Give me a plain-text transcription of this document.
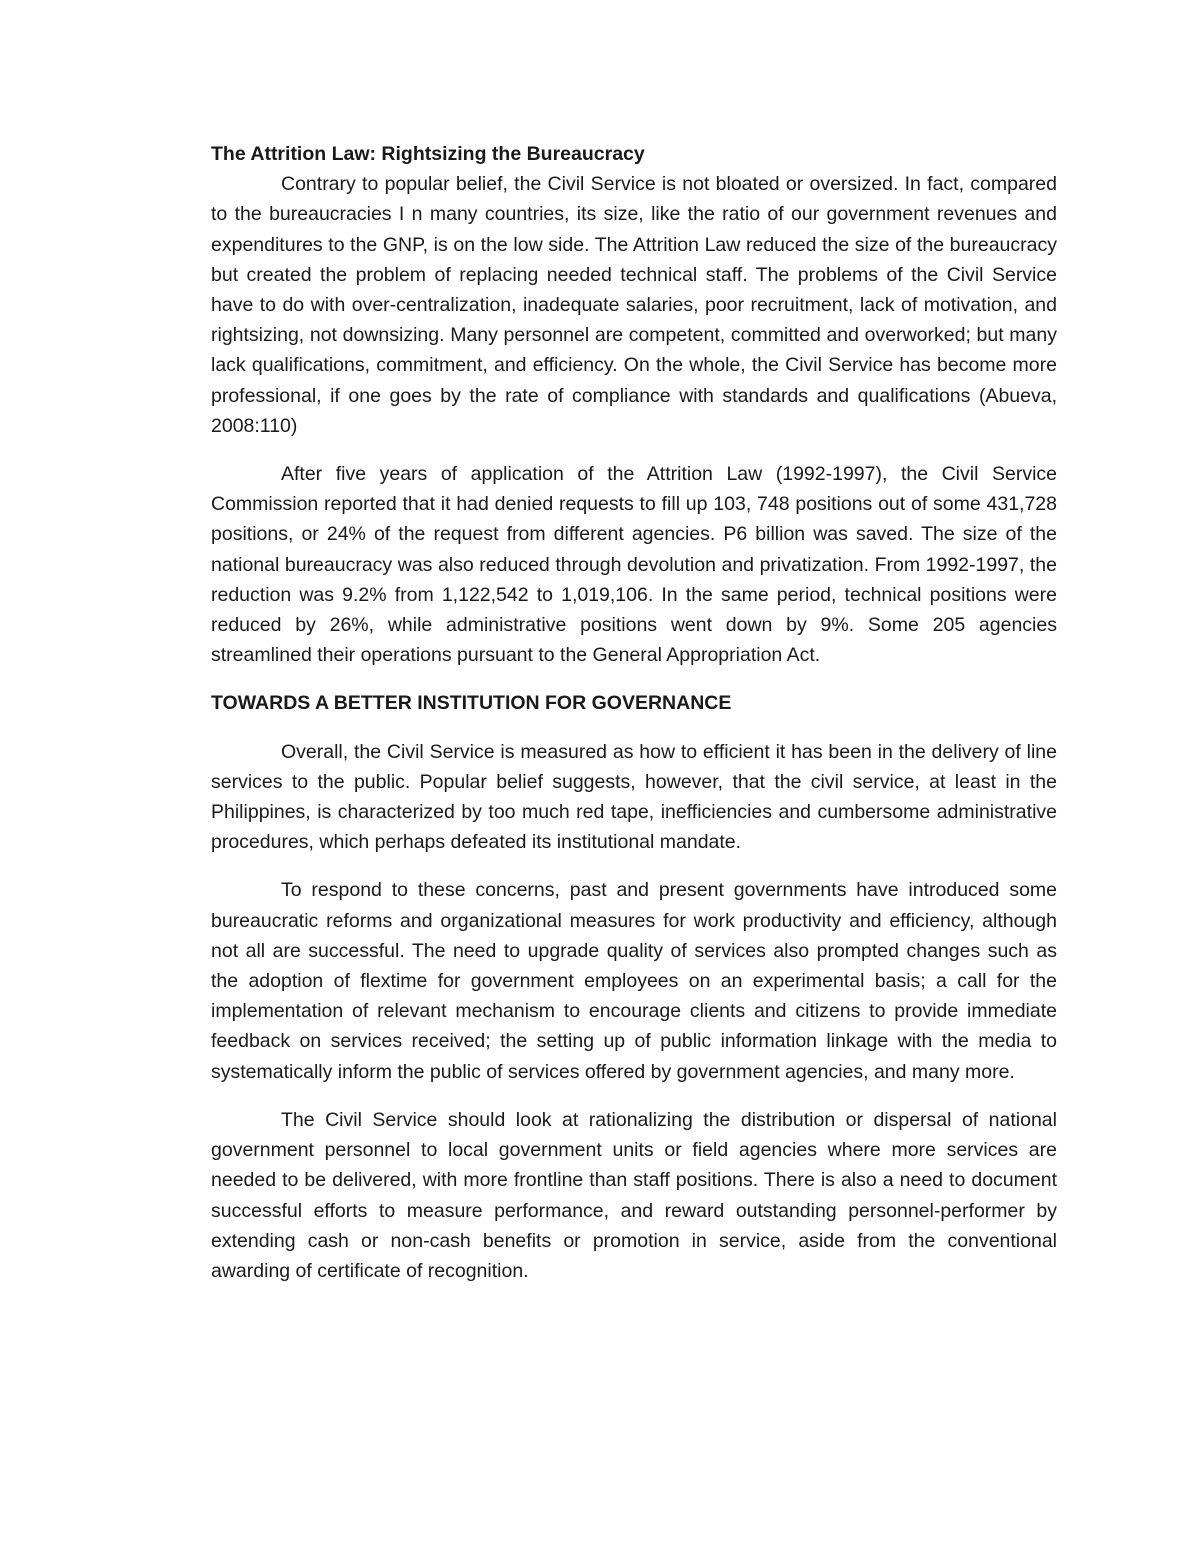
The Attrition Law: Rightsizing the Bureaucracy

Contrary to popular belief, the Civil Service is not bloated or oversized. In fact, compared to the bureaucracies I n many countries, its size, like the ratio of our government revenues and expenditures to the GNP, is on the low side. The Attrition Law reduced the size of the bureaucracy but created the problem of replacing needed technical staff. The problems of the Civil Service have to do with over-centralization, inadequate salaries, poor recruitment, lack of motivation, and rightsizing, not downsizing. Many personnel are competent, committed and overworked; but many lack qualifications, commitment, and efficiency. On the whole, the Civil Service has become more professional, if one goes by the rate of compliance with standards and qualifications (Abueva, 2008:110)

After five years of application of the Attrition Law (1992-1997), the Civil Service Commission reported that it had denied requests to fill up 103, 748 positions out of some 431,728 positions, or 24% of the request from different agencies. P6 billion was saved. The size of the national bureaucracy was also reduced through devolution and privatization. From 1992-1997, the reduction was 9.2% from 1,122,542 to 1,019,106. In the same period, technical positions were reduced by 26%, while administrative positions went down by 9%. Some 205 agencies streamlined their operations pursuant to the General Appropriation Act.

TOWARDS A BETTER INSTITUTION FOR GOVERNANCE

Overall, the Civil Service is measured as how to efficient it has been in the delivery of line services to the public. Popular belief suggests, however, that the civil service, at least in the Philippines, is characterized by too much red tape, inefficiencies and cumbersome administrative procedures, which perhaps defeated its institutional mandate.

To respond to these concerns, past and present governments have introduced some bureaucratic reforms and organizational measures for work productivity and efficiency, although not all are successful. The need to upgrade quality of services also prompted changes such as the adoption of flextime for government employees on an experimental basis; a call for the implementation of relevant mechanism to encourage clients and citizens to provide immediate feedback on services received; the setting up of public information linkage with the media to systematically inform the public of services offered by government agencies, and many more.

The Civil Service should look at rationalizing the distribution or dispersal of national government personnel to local government units or field agencies where more services are needed to be delivered, with more frontline than staff positions. There is also a need to document successful efforts to measure performance, and reward outstanding personnel-performer by extending cash or non-cash benefits or promotion in service, aside from the conventional awarding of certificate of recognition.
